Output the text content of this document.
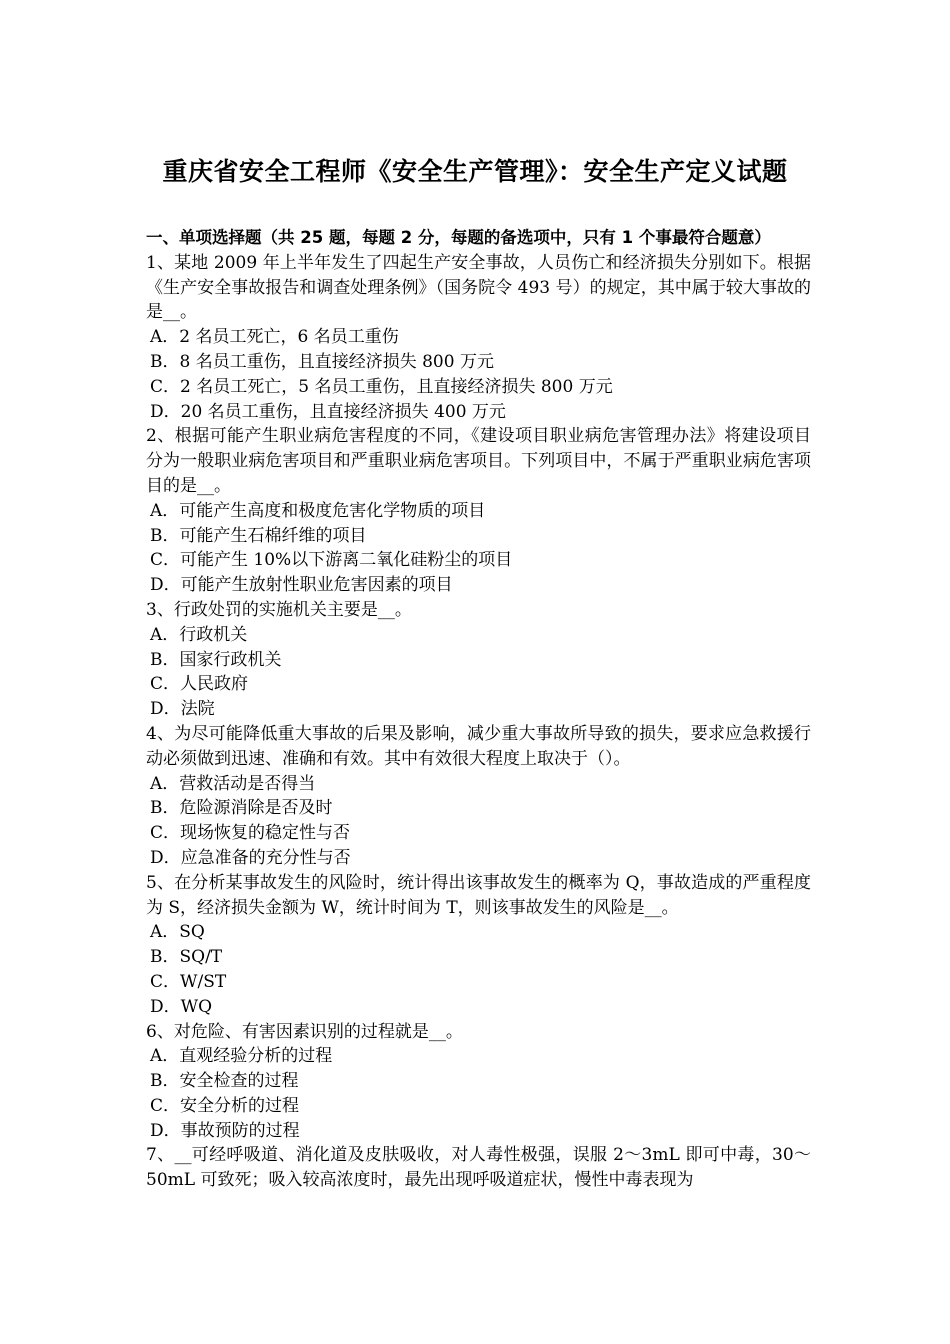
重庆省安全工程师《安全生产管理》：安全生产定义试题
一、单项选择题（共 25 题，每题 2 分，每题的备选项中，只有 1 个事最符合题意）
1、某地 2009 年上半年发生了四起生产安全事故，人员伤亡和经济损失分别如下。根据《生产安全事故报告和调查处理条例》（国务院令 493 号）的规定，其中属于较大事故的是__。
A．2 名员工死亡，6 名员工重伤
B．8 名员工重伤，且直接经济损失 800 万元
C．2 名员工死亡，5 名员工重伤，且直接经济损失 800 万元
D．20 名员工重伤，且直接经济损失 400 万元
2、根据可能产生职业病危害程度的不同，《建设项目职业病危害管理办法》将建设项目分为一般职业病危害项目和严重职业病危害项目。下列项目中，不属于严重职业病危害项目的是__。
A．可能产生高度和极度危害化学物质的项目
B．可能产生石棉纤维的项目
C．可能产生 10%以下游离二氧化硅粉尘的项目
D．可能产生放射性职业危害因素的项目
3、行政处罚的实施机关主要是__。
A．行政机关
B．国家行政机关
C．人民政府
D．法院
4、为尽可能降低重大事故的后果及影响，减少重大事故所导致的损失，要求应急救援行动必须做到迅速、准确和有效。其中有效很大程度上取决于（）。
A．营救活动是否得当
B．危险源消除是否及时
C．现场恢复的稳定性与否
D．应急准备的充分性与否
5、在分析某事故发生的风险时，统计得出该事故发生的概率为 Q，事故造成的严重程度为 S，经济损失金额为 W，统计时间为 T，则该事故发生的风险是__。
A．SQ
B．SQ/T
C．W/ST
D．WQ
6、对危险、有害因素识别的过程就是__。
A．直观经验分析的过程
B．安全检查的过程
C．安全分析的过程
D．事故预防的过程
7、__可经呼吸道、消化道及皮肤吸收，对人毒性极强，误服 2～3mL 即可中毒，30～ 50mL 可致死；吸入较高浓度时，最先出现呼吸道症状，慢性中毒表现为
